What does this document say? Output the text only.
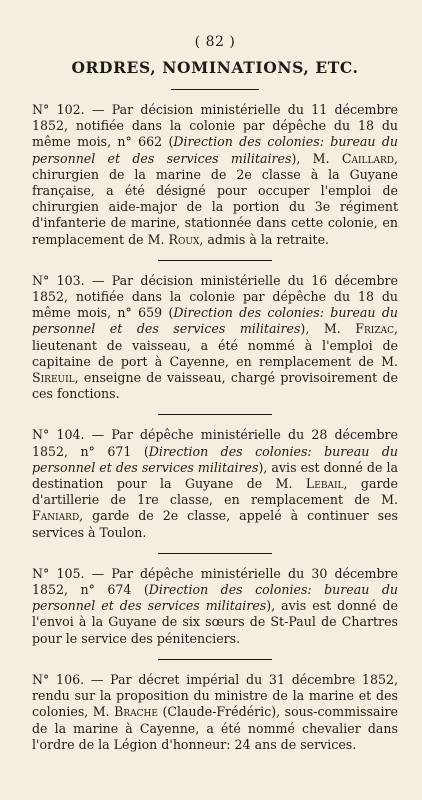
( 82 )
ORDRES, NOMINATIONS, ETC.

N° 102. — Par décision ministérielle du 11 décembre 1852, notifiée dans la colonie par dépêche du 18 du même mois, n° 662 (Direction des colonies: bureau du personnel et des services militaires), M. Caillard, chirurgien de la marine de 2e classe à la Guyane française, a été désigné pour occuper l'emploi de chirurgien aide-major de la portion du 3e régiment d'infanterie de marine, stationnée dans cette colonie, en remplacement de M. Roux, admis à la retraite.

N° 103. — Par décision ministérielle du 16 décembre 1852, notifiée dans la colonie par dépêche du 18 du même mois, n° 659 (Direction des colonies: bureau du personnel et des services militaires), M. Frizac, lieutenant de vaisseau, a été nommé à l'emploi de capitaine de port à Cayenne, en remplacement de M. Sireuil, enseigne de vaisseau, chargé provisoirement de ces fonctions.

N° 104. — Par dépêche ministérielle du 28 décembre 1852, n° 671 (Direction des colonies: bureau du personnel et des services militaires), avis est donné de la destination pour la Guyane de M. Lebail, garde d'artillerie de 1re classe, en remplacement de M. Faniard, garde de 2e classe, appelé à continuer ses services à Toulon.

N° 105. — Par dépêche ministérielle du 30 décembre 1852, n° 674 (Direction des colonies: bureau du personnel et des services militaires), avis est donné de l'envoi à la Guyane de six sœurs de St-Paul de Chartres pour le service des pénitenciers.

N° 106. — Par décret impérial du 31 décembre 1852, rendu sur la proposition du ministre de la marine et des colonies, M. Brache (Claude-Frédéric), sous-commissaire de la marine à Cayenne, a été nommé chevalier dans l'ordre de la Légion d'honneur: 24 ans de services.
